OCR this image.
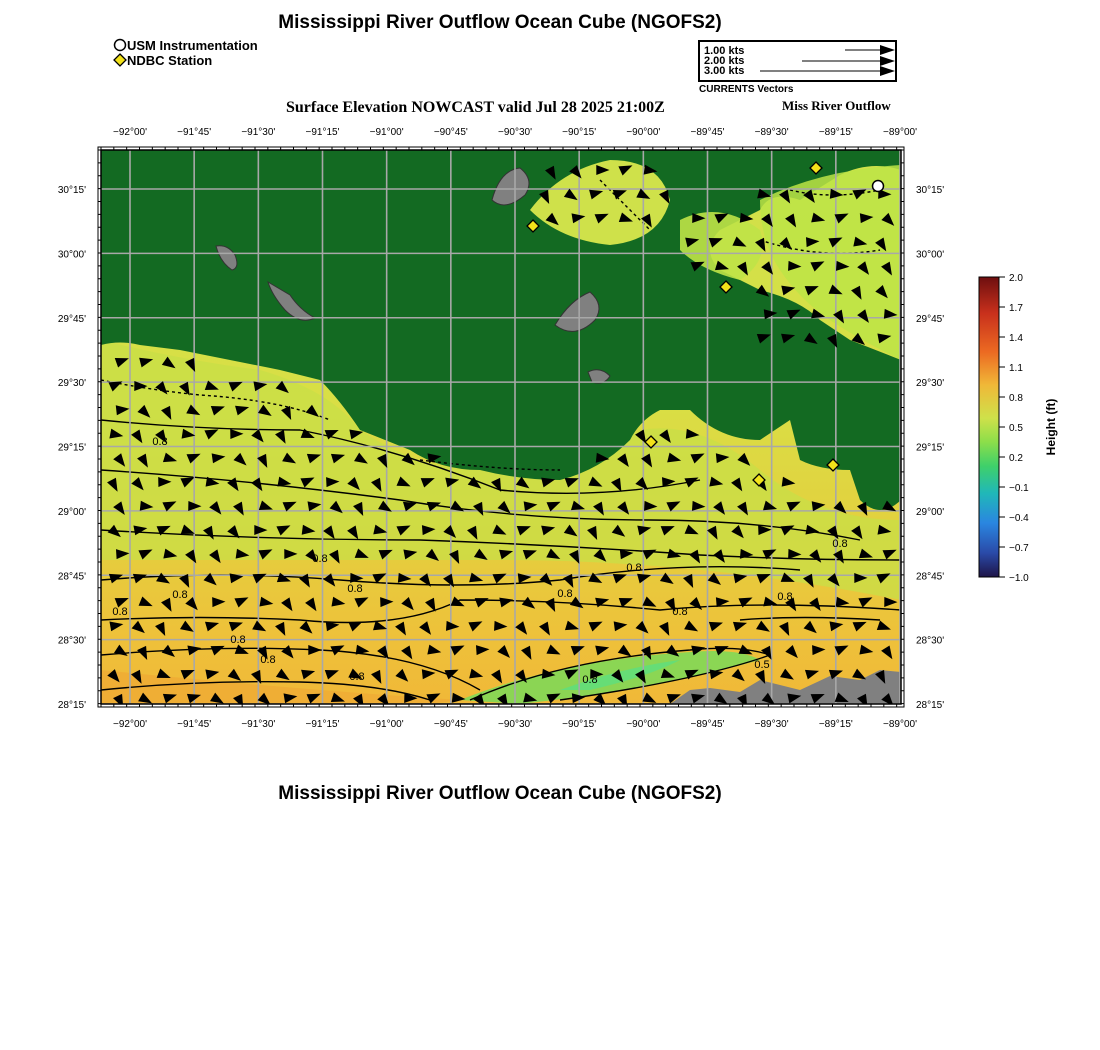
Mississippi River Outflow Ocean Cube (NGOFS2)
USM Instrumentation
NDBC Station
1.00 kts
2.00 kts
3.00 kts
CURRENTS Vectors
Surface Elevation NOWCAST valid Jul 28 2025 21:00Z	Miss River Outflow
0.8
0.8
0.8
0.8
0.8
0.8
0.8
0.8	0.8
0.8
0.8
0.5
0.8
0.8
0.8
−92°00'	−91°45'	−91°30'	−91°15'	−91°00'	−90°45'	−90°30'	−90°15'	−90°00'	−89°45'	−89°30'	−89°15'	−89°00'
−92°00'	−91°45'	−91°30'	−91°15'	−91°00'	−90°45'	−90°30'	−90°15'	−90°00'	−89°45'	−89°30'	−89°15'	−89°00'
30°15'
30°00'
29°45'
29°30'
29°15'
29°00'
28°45'
28°30'
28°15'
30°15'
30°00'
29°45'
29°30'
29°15'
29°00'
28°45'
28°30'
28°15'
2.0
1.7
1.4
1.1
0.8
0.5
0.2
−0.1
−0.4
−0.7
−1.0
Height (ft)
Mississippi River Outflow Ocean Cube (NGOFS2)
